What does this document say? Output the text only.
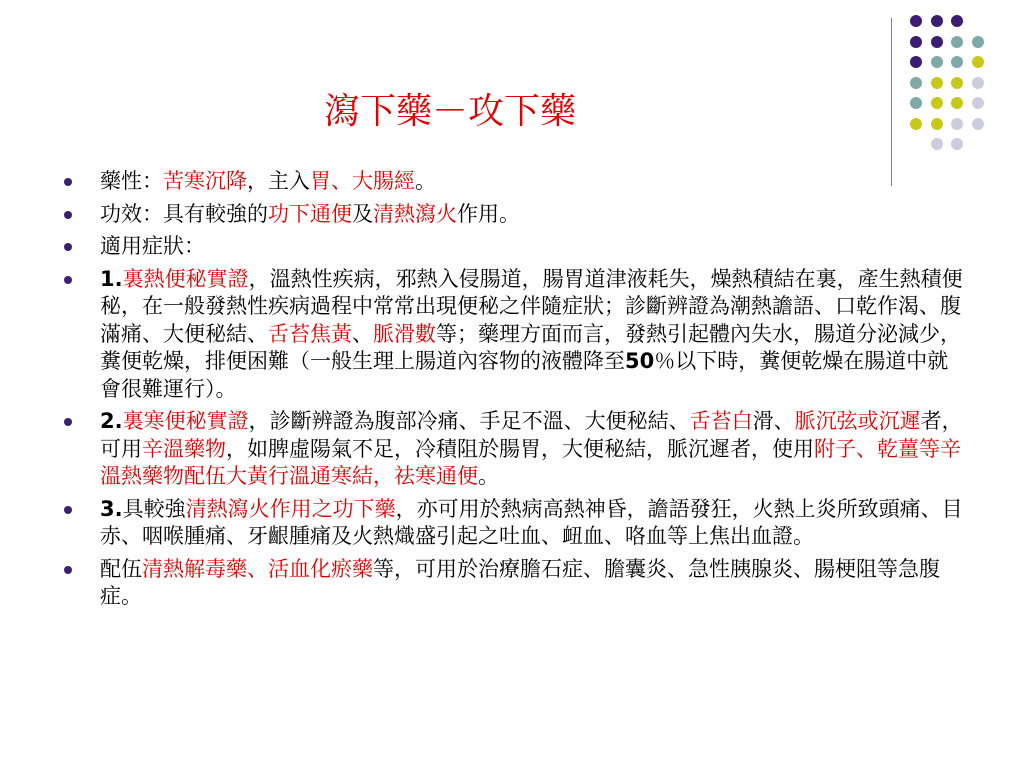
瀉下藥－攻下藥
藥性：苦寒沉降，主入胃、大腸經。
功效：具有較強的功下通便及清熱瀉火作用。
適用症狀：
1.裏熱便秘實證，溫熱性疾病，邪熱入侵腸道，腸胃道津液耗失，燥熱積結在裏，產生熱積便秘，在一般發熱性疾病過程中常常出現便秘之伴隨症狀；診斷辨證為潮熱譫語、口乾作渴、腹滿痛、大便秘結、舌苔焦黃、脈滑數等；藥理方面而言，發熱引起體內失水，腸道分泌減少，糞便乾燥，排便困難（一般生理上腸道內容物的液體降至50％以下時，糞便乾燥在腸道中就會很難運行）。
2.裏寒便秘實證，診斷辨證為腹部冷痛、手足不溫、大便秘結、舌苔白滑、脈沉弦或沉遲者，可用辛溫藥物，如脾虛陽氣不足，冷積阻於腸胃，大便秘結，脈沉遲者，使用附子、乾薑等辛溫熱藥物配伍大黃行溫通寒結，祛寒通便。
3.具較強清熱瀉火作用之功下藥，亦可用於熱病高熱神昏，譫語發狂，火熱上炎所致頭痛、目赤、咽喉腫痛、牙齦腫痛及火熱熾盛引起之吐血、衄血、咯血等上焦出血證。
配伍清熱解毒藥、活血化瘀藥等，可用於治療膽石症、膽囊炎、急性胰腺炎、腸梗阻等急腹症。
